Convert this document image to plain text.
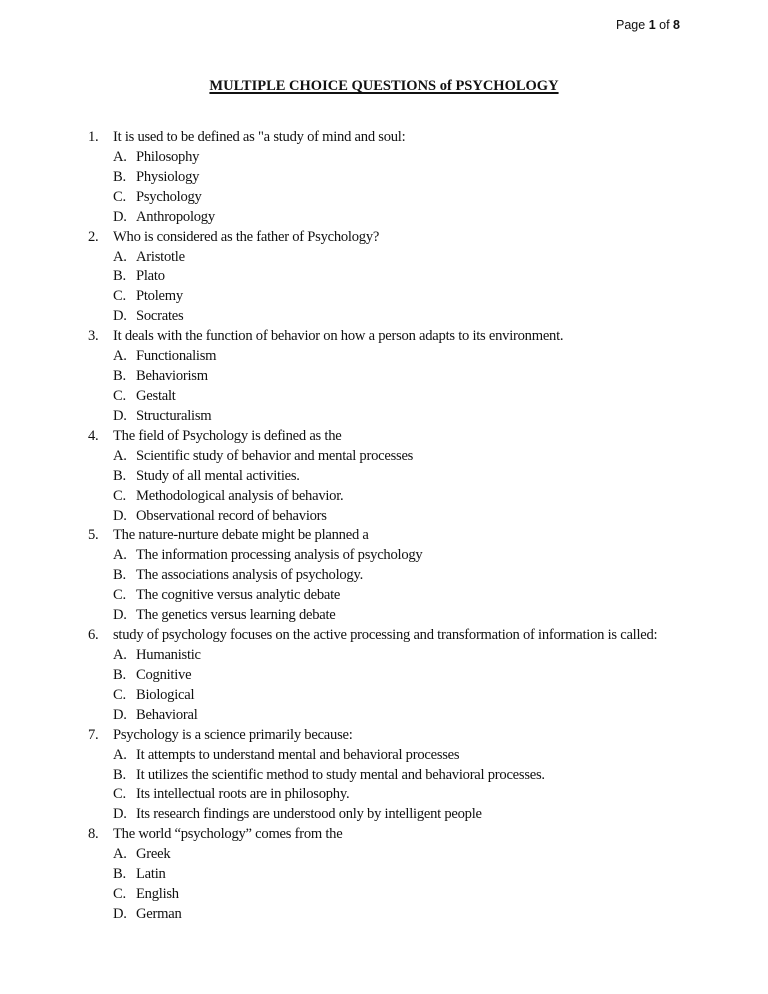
Page 1 of 8
MULTIPLE CHOICE QUESTIONS of PSYCHOLOGY
1. It is used to be defined as "a study of mind and soul:
A. Philosophy
B. Physiology
C. Psychology
D. Anthropology
2. Who is considered as the father of Psychology?
A. Aristotle
B. Plato
C. Ptolemy
D. Socrates
3. It deals with the function of behavior on how a person adapts to its environment.
A. Functionalism
B. Behaviorism
C. Gestalt
D. Structuralism
4. The field of Psychology is defined as the
A. Scientific study of behavior and mental processes
B. Study of all mental activities.
C. Methodological analysis of behavior.
D. Observational record of behaviors
5. The nature-nurture debate might be planned a
A. The information processing analysis of psychology
B. The associations analysis of psychology.
C. The cognitive versus analytic debate
D. The genetics versus learning debate
6. study of psychology focuses on the active processing and transformation of information is called:
A. Humanistic
B. Cognitive
C. Biological
D. Behavioral
7. Psychology is a science primarily because:
A. It attempts to understand mental and behavioral processes
B. It utilizes the scientific method to study mental and behavioral processes.
C. Its intellectual roots are in philosophy.
D. Its research findings are understood only by intelligent people
8. The world “psychology” comes from the
A. Greek
B. Latin
C. English
D. German
